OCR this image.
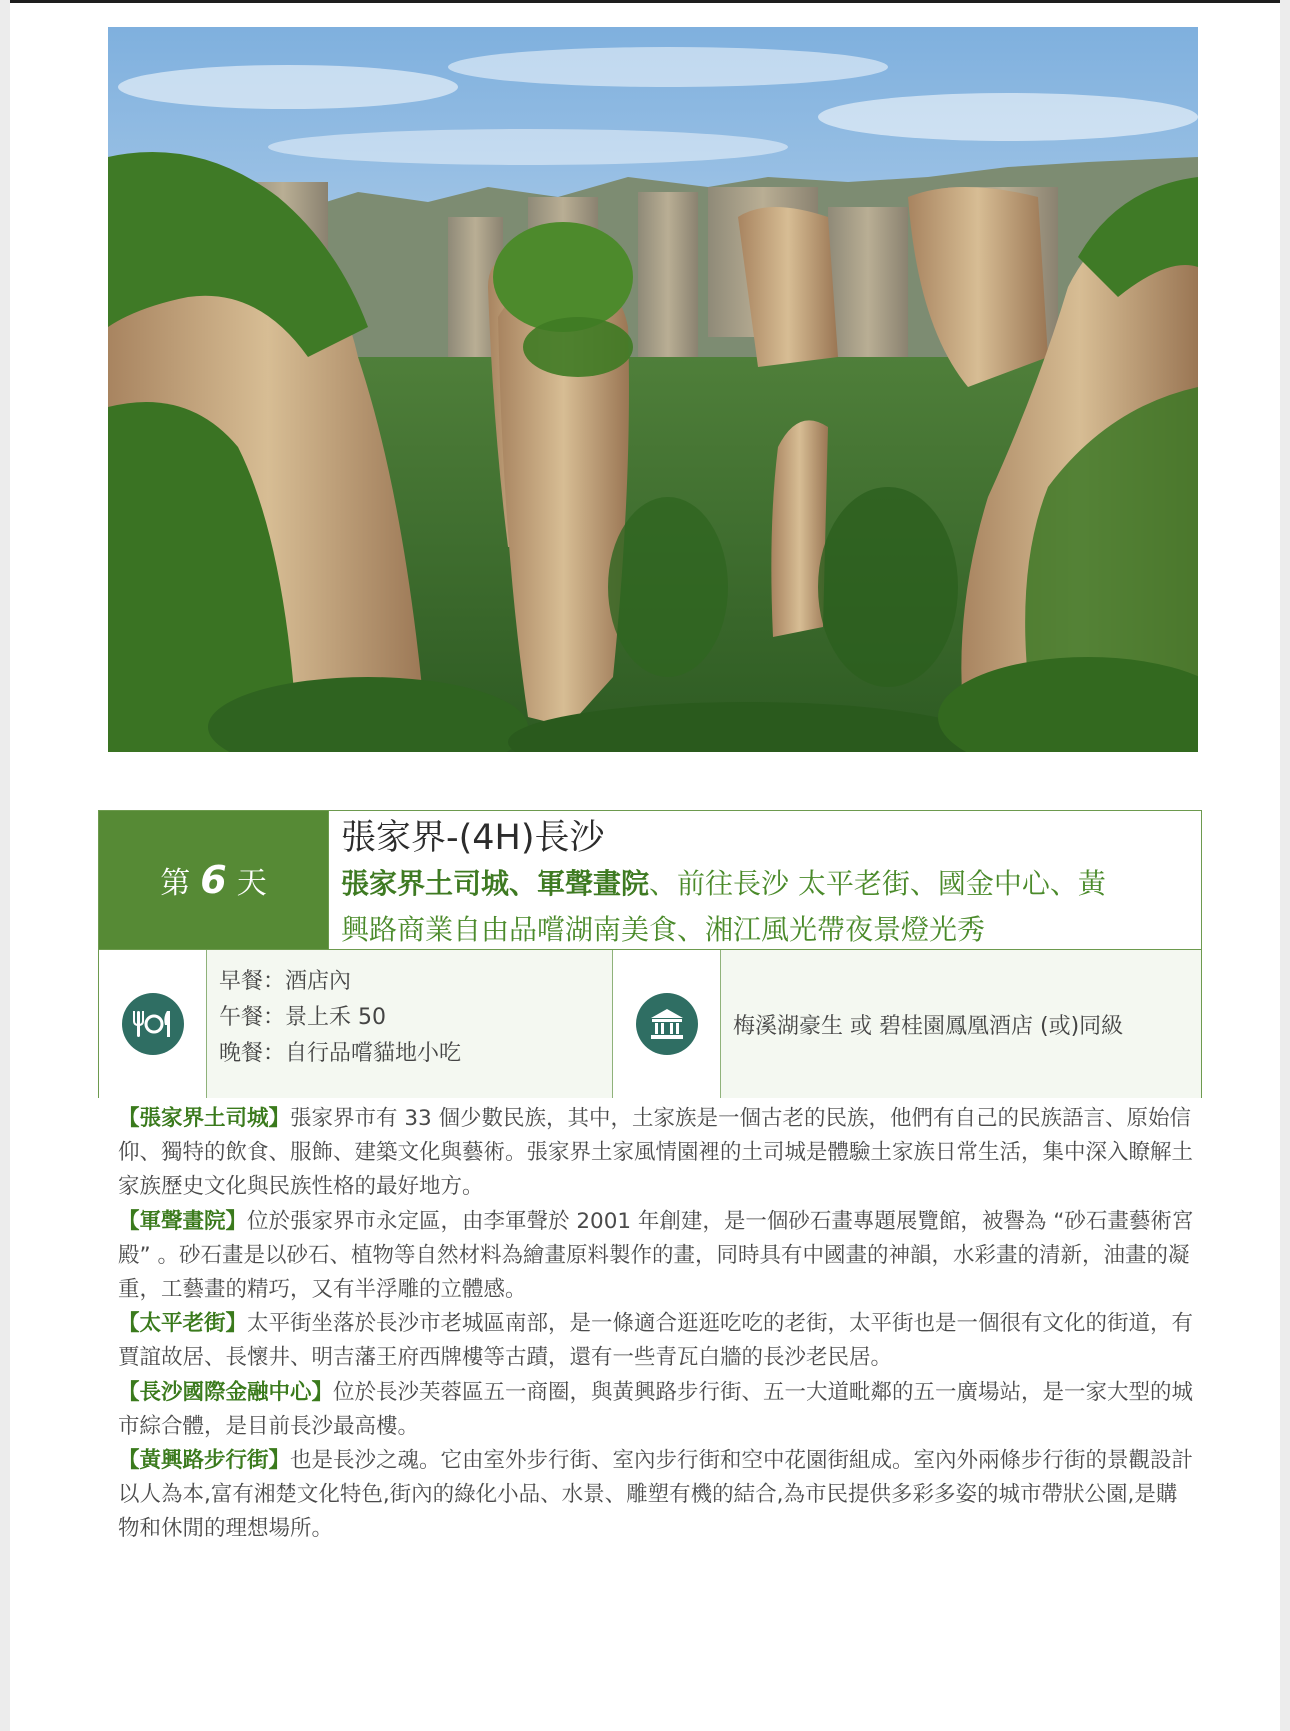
第 6 天
張家界-(4H)長沙
張家界土司城、軍聲畫院、前往長沙 太平老街、國金中心、黃
興路商業自由品嚐湖南美食、湘江風光帶夜景燈光秀
早餐：酒店內
午餐：景上禾 50
晚餐：自行品嚐貓地小吃
梅溪湖豪生 或 碧桂園鳳凰酒店 (或)同級

【張家界土司城】張家界市有 33 個少數民族，其中，土家族是一個古老的民族，他們有自己的民族語言、原始信仰、獨特的飲食、服飾、建築文化與藝術。張家界土家風情園裡的土司城是體驗土家族日常生活，集中深入瞭解土家族歷史文化與民族性格的最好地方。

【軍聲畫院】位於張家界市永定區，由李軍聲於 2001 年創建，是一個砂石畫專題展覽館，被譽為 “砂石畫藝術宮殿” 。砂石畫是以砂石、植物等自然材料為繪畫原料製作的畫，同時具有中國畫的神韻，水彩畫的清新，油畫的凝重，工藝畫的精巧，又有半浮雕的立體感。

【太平老街】太平街坐落於長沙市老城區南部，是一條適合逛逛吃吃的老街，太平街也是一個很有文化的街道，有賈誼故居、長懷井、明吉藩王府西牌樓等古蹟，還有一些青瓦白牆的長沙老民居。

【長沙國際金融中心】位於長沙芙蓉區五一商圈，與黃興路步行街、五一大道毗鄰的五一廣場站，是一家大型的城市綜合體，是目前長沙最高樓。

【黃興路步行街】也是長沙之魂。它由室外步行街、室內步行街和空中花園街組成。室內外兩條步行街的景觀設計以人為本,富有湘楚文化特色,街內的綠化小品、水景、雕塑有機的結合,為市民提供多彩多姿的城市帶狀公園,是購物和休閒的理想場所。
